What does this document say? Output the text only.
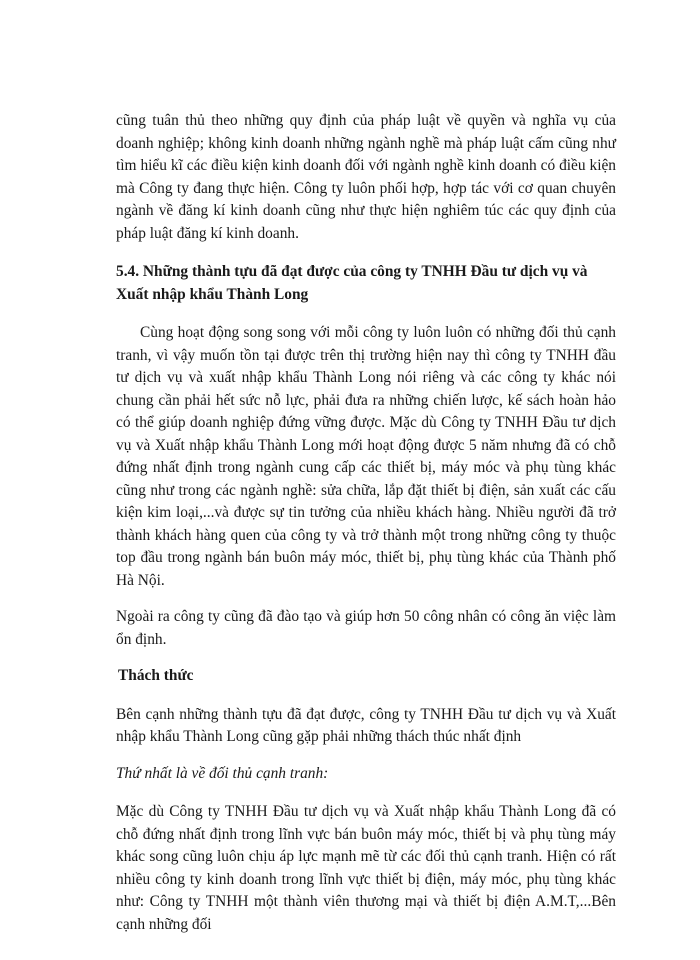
cũng tuân thủ theo những quy định của pháp luật về quyền và nghĩa vụ của doanh nghiệp; không kinh doanh những ngành nghề mà pháp luật cấm cũng như tìm hiểu kĩ các điều kiện kinh doanh đối với ngành nghề kinh doanh có điều kiện mà Công ty đang thực hiện. Công ty luôn phối hợp, hợp tác với cơ quan chuyên ngành về đăng kí kinh doanh cũng như thực hiện nghiêm túc các quy định của pháp luật đăng kí kinh doanh.

5.4. Những thành tựu đã đạt được của công ty TNHH Đầu tư dịch vụ và Xuất nhập khẩu Thành Long

Cùng hoạt động song song với mỗi công ty luôn luôn có những đối thủ cạnh tranh, vì vậy muốn tồn tại được trên thị trường hiện nay thì công ty TNHH đầu tư dịch vụ và xuất nhập khẩu Thành Long nói riêng và các công ty khác nói chung cần phải hết sức nỗ lực, phải đưa ra những chiến lược, kế sách hoàn hảo có thể giúp doanh nghiệp đứng vững được. Mặc dù Công ty TNHH Đầu tư dịch vụ và Xuất nhập khẩu Thành Long mới hoạt động được 5 năm nhưng đã có chỗ đứng nhất định trong ngành cung cấp các thiết bị, máy móc và phụ tùng khác cũng như trong các ngành nghề: sửa chữa, lắp đặt thiết bị điện, sản xuất các cấu kiện kim loại,...và được sự tin tưởng của nhiều khách hàng. Nhiều người đã trở thành khách hàng quen của công ty và trở thành một trong những công ty thuộc top đầu trong ngành bán buôn máy móc, thiết bị, phụ tùng khác của Thành phố Hà Nội.

Ngoài ra công ty cũng đã đào tạo và giúp hơn 50 công nhân có công ăn việc làm ổn định.

Thách thức

Bên cạnh những thành tựu đã đạt được, công ty TNHH Đầu tư dịch vụ và Xuất nhập khẩu Thành Long cũng gặp phải những thách thúc nhất định

Thứ nhất là về đối thủ cạnh tranh:

Mặc dù Công ty TNHH Đầu tư dịch vụ và Xuất nhập khẩu Thành Long đã có chỗ đứng nhất định trong lĩnh vực bán buôn máy móc, thiết bị và phụ tùng máy khác song cũng luôn chịu áp lực mạnh mẽ từ các đối thủ cạnh tranh. Hiện có rất nhiều công ty kinh doanh trong lĩnh vực thiết bị điện, máy móc, phụ tùng khác như: Công ty TNHH một thành viên thương mại và thiết bị điện A.M.T,...Bên cạnh những đối
